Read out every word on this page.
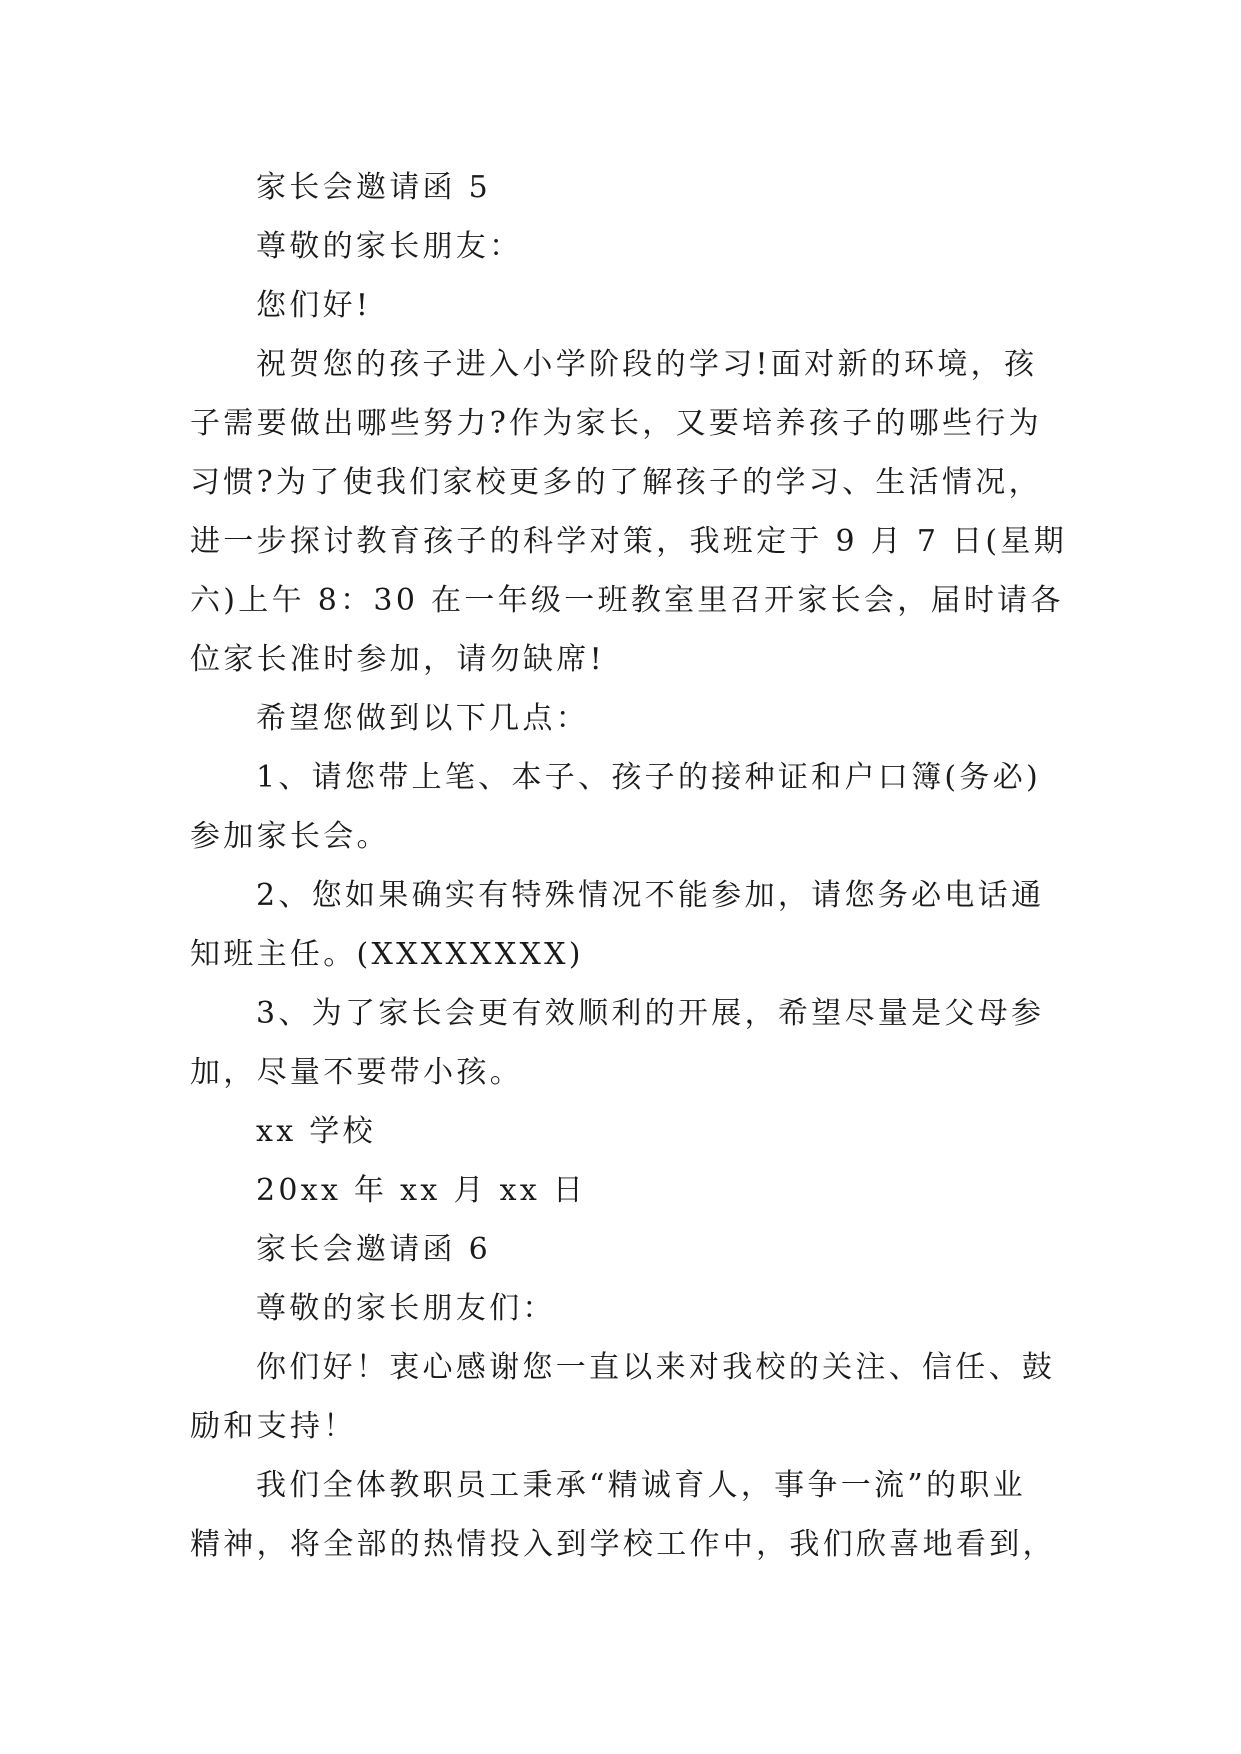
家长会邀请函 5
尊敬的家长朋友：
您们好!
祝贺您的孩子进入小学阶段的学习!面对新的环境，孩
子需要做出哪些努力?作为家长，又要培养孩子的哪些行为
习惯?为了使我们家校更多的了解孩子的学习、生活情况，
进一步探讨教育孩子的科学对策，我班定于 9 月 7 日(星期
六)上午 8：30 在一年级一班教室里召开家长会，届时请各
位家长准时参加，请勿缺席!
希望您做到以下几点：
1、请您带上笔、本子、孩子的接种证和户口簿(务必)
参加家长会。
2、您如果确实有特殊情况不能参加，请您务必电话通
知班主任。(XXXXXXXX)
3、为了家长会更有效顺利的开展，希望尽量是父母参
加，尽量不要带小孩。
xx 学校
20xx 年 xx 月 xx 日
家长会邀请函 6
尊敬的家长朋友们：
你们好！衷心感谢您一直以来对我校的关注、信任、鼓
励和支持！
我们全体教职员工秉承“精诚育人，事争一流”的职业
精神，将全部的热情投入到学校工作中，我们欣喜地看到，
